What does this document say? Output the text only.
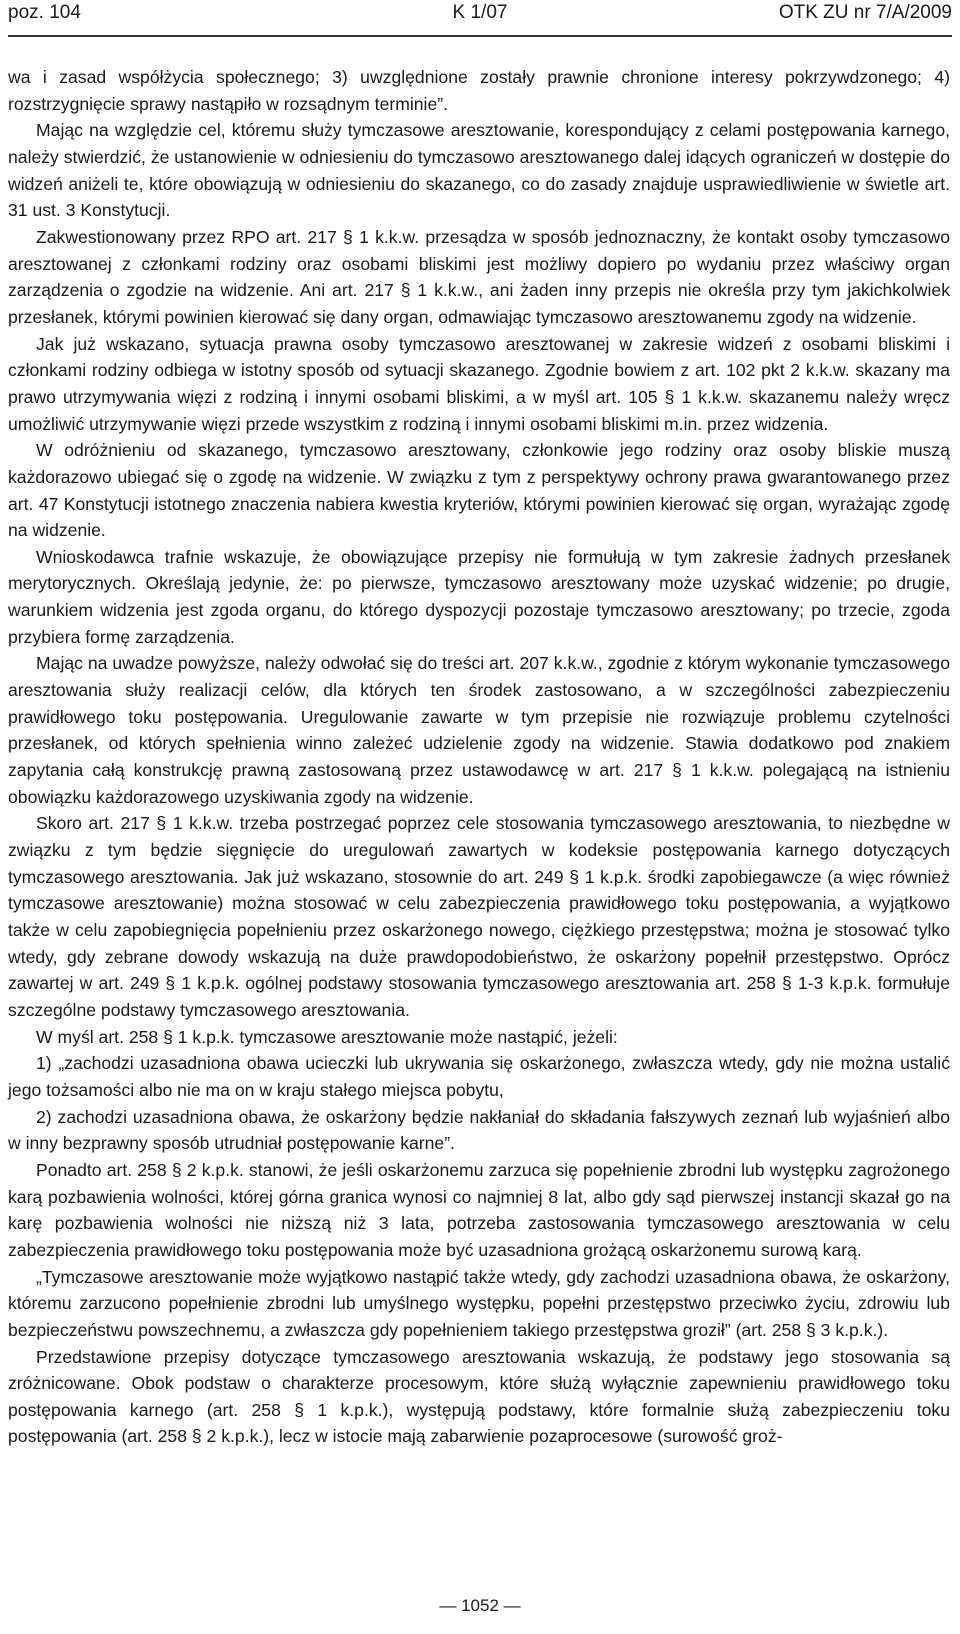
poz. 104	K 1/07	OTK ZU nr 7/A/2009

wa i zasad współżycia społecznego; 3) uwzględnione zostały prawnie chronione interesy pokrzywdzonego; 4) rozstrzygnięcie sprawy nastąpiło w rozsądnym terminie”.

Mając na względzie cel, któremu służy tymczasowe aresztowanie, korespondujący z celami postępowania karnego, należy stwierdzić, że ustanowienie w odniesieniu do tymczasowo aresztowanego dalej idących ograniczeń w dostępie do widzeń aniżeli te, które obowiązują w odniesieniu do skazanego, co do zasady znajduje usprawiedliwienie w świetle art. 31 ust. 3 Konstytucji.

Zakwestionowany przez RPO art. 217 § 1 k.k.w. przesądza w sposób jednoznaczny, że kontakt osoby tymczasowo aresztowanej z członkami rodziny oraz osobami bliskimi jest możliwy dopiero po wydaniu przez właściwy organ zarządzenia o zgodzie na widzenie. Ani art. 217 § 1 k.k.w., ani żaden inny przepis nie określa przy tym jakichkolwiek przesłanek, którymi powinien kierować się dany organ, odmawiając tymczasowo aresztowanemu zgody na widzenie.

Jak już wskazano, sytuacja prawna osoby tymczasowo aresztowanej w zakresie widzeń z osobami bliskimi i członkami rodziny odbiega w istotny sposób od sytuacji skazanego. Zgodnie bowiem z art. 102 pkt 2 k.k.w. skazany ma prawo utrzymywania więzi z rodziną i innymi osobami bliskimi, a w myśl art. 105 § 1 k.k.w. skazanemu należy wręcz umożliwić utrzymywanie więzi przede wszystkim z rodziną i innymi osobami bliskimi m.in. przez widzenia.

W odróżnieniu od skazanego, tymczasowo aresztowany, członkowie jego rodziny oraz osoby bliskie muszą każdorazowo ubiegać się o zgodę na widzenie. W związku z tym z perspektywy ochrony prawa gwarantowanego przez art. 47 Konstytucji istotnego znaczenia nabiera kwestia kryteriów, którymi powinien kierować się organ, wyrażając zgodę na widzenie.

Wnioskodawca trafnie wskazuje, że obowiązujące przepisy nie formułują w tym zakresie żadnych przesłanek merytorycznych. Określają jedynie, że: po pierwsze, tymczasowo aresztowany może uzyskać widzenie; po drugie, warunkiem widzenia jest zgoda organu, do którego dyspozycji pozostaje tymczasowo aresztowany; po trzecie, zgoda przybiera formę zarządzenia.

Mając na uwadze powyższe, należy odwołać się do treści art. 207 k.k.w., zgodnie z którym wykonanie tymczasowego aresztowania służy realizacji celów, dla których ten środek zastosowano, a w szczególności zabezpieczeniu prawidłowego toku postępowania. Uregulowanie zawarte w tym przepisie nie rozwiązuje problemu czytelności przesłanek, od których spełnienia winno zależeć udzielenie zgody na widzenie. Stawia dodatkowo pod znakiem zapytania całą konstrukcję prawną zastosowaną przez ustawodawcę w art. 217 § 1 k.k.w. polegającą na istnieniu obowiązku każdorazowego uzyskiwania zgody na widzenie.

Skoro art. 217 § 1 k.k.w. trzeba postrzegać poprzez cele stosowania tymczasowego aresztowania, to niezbędne w związku z tym będzie sięgnięcie do uregulowań zawartych w kodeksie postępowania karnego dotyczących tymczasowego aresztowania. Jak już wskazano, stosownie do art. 249 § 1 k.p.k. środki zapobiegawcze (a więc również tymczasowe aresztowanie) można stosować w celu zabezpieczenia prawidłowego toku postępowania, a wyjątkowo także w celu zapobiegnięcia popełnieniu przez oskarżonego nowego, ciężkiego przestępstwa; można je stosować tylko wtedy, gdy zebrane dowody wskazują na duże prawdopodobieństwo, że oskarżony popełnił przestępstwo. Oprócz zawartej w art. 249 § 1 k.p.k. ogólnej podstawy stosowania tymczasowego aresztowania art. 258 § 1-3 k.p.k. formułuje szczególne podstawy tymczasowego aresztowania.

W myśl art. 258 § 1 k.p.k. tymczasowe aresztowanie może nastąpić, jeżeli:

1) „zachodzi uzasadniona obawa ucieczki lub ukrywania się oskarżonego, zwłaszcza wtedy, gdy nie można ustalić jego tożsamości albo nie ma on w kraju stałego miejsca pobytu,

2) zachodzi uzasadniona obawa, że oskarżony będzie nakłaniał do składania fałszywych zeznań lub wyjaśnień albo w inny bezprawny sposób utrudniał postępowanie karne”.

Ponadto art. 258 § 2 k.p.k. stanowi, że jeśli oskarżonemu zarzuca się popełnienie zbrodni lub występku zagrożonego karą pozbawienia wolności, której górna granica wynosi co najmniej 8 lat, albo gdy sąd pierwszej instancji skazał go na karę pozbawienia wolności nie niższą niż 3 lata, potrzeba zastosowania tymczasowego aresztowania w celu zabezpieczenia prawidłowego toku postępowania może być uzasadniona grożącą oskarżonemu surową karą.

„Tymczasowe aresztowanie może wyjątkowo nastąpić także wtedy, gdy zachodzi uzasadniona obawa, że oskarżony, któremu zarzucono popełnienie zbrodni lub umyślnego występku, popełni przestępstwo przeciwko życiu, zdrowiu lub bezpieczeństwu powszechnemu, a zwłaszcza gdy popełnieniem takiego przestępstwa groził” (art. 258 § 3 k.p.k.).

Przedstawione przepisy dotyczące tymczasowego aresztowania wskazują, że podstawy jego stosowania są zróżnicowane. Obok podstaw o charakterze procesowym, które służą wyłącznie zapewnieniu prawidłowego toku postępowania karnego (art. 258 § 1 k.p.k.), występują podstawy, które formalnie służą zabezpieczeniu toku postępowania (art. 258 § 2 k.p.k.), lecz w istocie mają zabarwienie pozaprocesowe (surowość groż-

— 1052 —
